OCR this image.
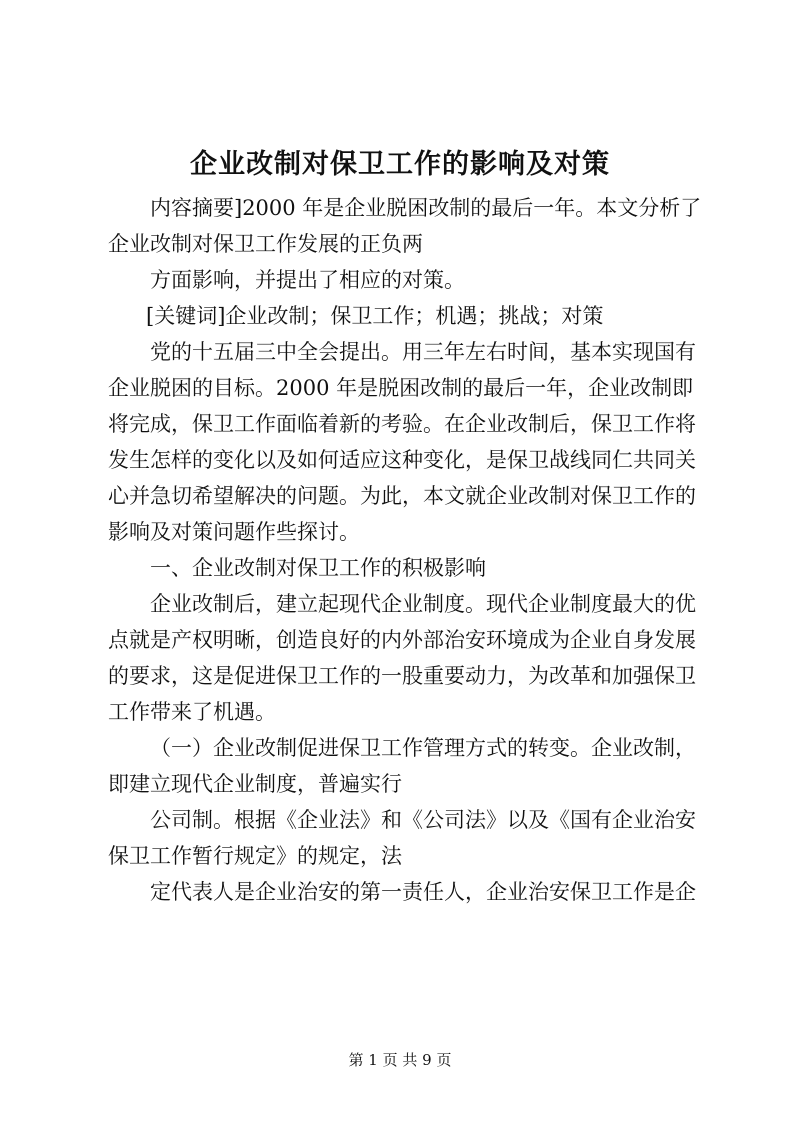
企业改制对保卫工作的影响及对策
内容摘要]2000 年是企业脱困改制的最后一年。本文分析了
企业改制对保卫工作发展的正负两
方面影响，并提出了相应的对策。
[关键词]企业改制；保卫工作；机遇；挑战；对策
党的十五届三中全会提出。用三年左右时间，基本实现国有
企业脱困的目标。2000 年是脱困改制的最后一年，企业改制即
将完成，保卫工作面临着新的考验。在企业改制后，保卫工作将
发生怎样的变化以及如何适应这种变化，是保卫战线同仁共同关
心并急切希望解决的问题。为此，本文就企业改制对保卫工作的
影响及对策问题作些探讨。
一、企业改制对保卫工作的积极影响
企业改制后，建立起现代企业制度。现代企业制度最大的优
点就是产权明晰，创造良好的内外部治安环境成为企业自身发展
的要求，这是促进保卫工作的一股重要动力，为改革和加强保卫
工作带来了机遇。
（一）企业改制促进保卫工作管理方式的转变。企业改制，
即建立现代企业制度，普遍实行
公司制。根据《企业法》和《公司法》以及《国有企业治安
保卫工作暂行规定》的规定，法
定代表人是企业治安的第一责任人，企业治安保卫工作是企
第 1 页 共 9 页
